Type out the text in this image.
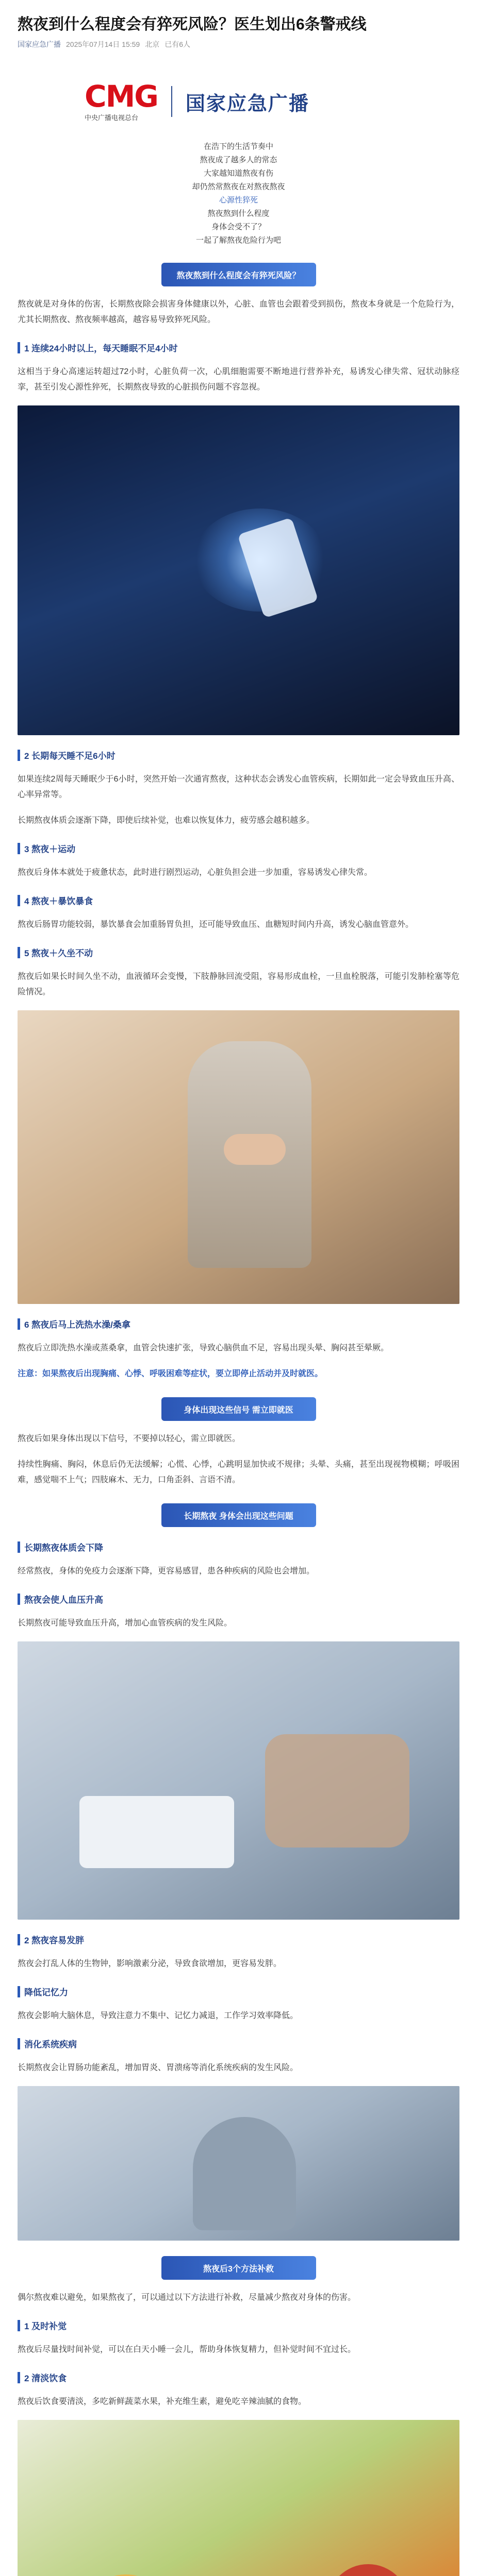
熬夜到什么程度会有猝死风险？医生划出6条警戒线
国家应急广播 2025年07月14日 15:59 北京 已有6人
CMG
中央广播电视总台
国家应急广播
在浩下的生活节奏中
熬夜成了越多人的常态
大家越知道熬夜有伤
却仍然常熬夜在对熬夜熬夜
心源性猝死
熬夜熬到什么程度
身体会受不了？
一起了解熬夜危险行为吧
熬夜熬到什么程度会有猝死风险？

熬夜就是对身体的伤害，长期熬夜除会损害身体健康以外，心脏、血管也会跟着受到损伤，熬夜本身就是一个危险行为，尤其长期熬夜、熬夜频率越高，越容易导致猝死风险。

1 连续24小时以上，每天睡眠不足4小时

这相当于身心高速运转超过72小时，心脏负荷一次，心肌细胞需要不断地进行营养补充，易诱发心律失常、冠状动脉痉挛，甚至引发心源性猝死，长期熬夜导致的心脏损伤问题不容忽视。

2 长期每天睡不足6小时

如果连续2周每天睡眠少于6小时，突然开始一次通宵熬夜，这种状态会诱发心血管疾病，长期如此一定会导致血压升高、心率异常等。

长期熬夜体质会逐渐下降，即使后续补觉，也难以恢复体力，疲劳感会越积越多。

3 熬夜＋运动

熬夜后身体本就处于疲惫状态，此时进行剧烈运动，心脏负担会进一步加重，容易诱发心律失常。

4 熬夜＋暴饮暴食

熬夜后肠胃功能较弱，暴饮暴食会加重肠胃负担，还可能导致血压、血糖短时间内升高，诱发心脑血管意外。

5 熬夜＋久坐不动

熬夜后如果长时间久坐不动，血液循环会变慢，下肢静脉回流受阻，容易形成血栓，一旦血栓脱落，可能引发肺栓塞等危险情况。

6 熬夜后马上洗热水澡/桑拿

熬夜后立即洗热水澡或蒸桑拿，血管会快速扩张，导致心脑供血不足，容易出现头晕、胸闷甚至晕厥。

注意：如果熬夜后出现胸痛、心悸、呼吸困难等症状，要立即停止活动并及时就医。

身体出现这些信号 需立即就医

熬夜后如果身体出现以下信号，不要掉以轻心，需立即就医。

持续性胸痛、胸闷，休息后仍无法缓解；心慌、心悸，心跳明显加快或不规律；头晕、头痛，甚至出现视物模糊；呼吸困难，感觉喘不上气；四肢麻木、无力，口角歪斜、言语不清。

长期熬夜 身体会出现这些问题
长期熬夜体质会下降

经常熬夜，身体的免疫力会逐渐下降，更容易感冒，患各种疾病的风险也会增加。

熬夜会使人血压升高

长期熬夜可能导致血压升高，增加心血管疾病的发生风险。

2 熬夜容易发胖

熬夜会打乱人体的生物钟，影响激素分泌，导致食欲增加，更容易发胖。

降低记忆力

熬夜会影响大脑休息，导致注意力不集中、记忆力减退，工作学习效率降低。

消化系统疾病

长期熬夜会让胃肠功能紊乱，增加胃炎、胃溃疡等消化系统疾病的发生风险。

熬夜后3个方法补救

偶尔熬夜难以避免，如果熬夜了，可以通过以下方法进行补救，尽量减少熬夜对身体的伤害。

1 及时补觉

熬夜后尽量找时间补觉，可以在白天小睡一会儿，帮助身体恢复精力，但补觉时间不宜过长。

2 清淡饮食

熬夜后饮食要清淡，多吃新鲜蔬菜水果，补充维生素，避免吃辛辣油腻的食物。
